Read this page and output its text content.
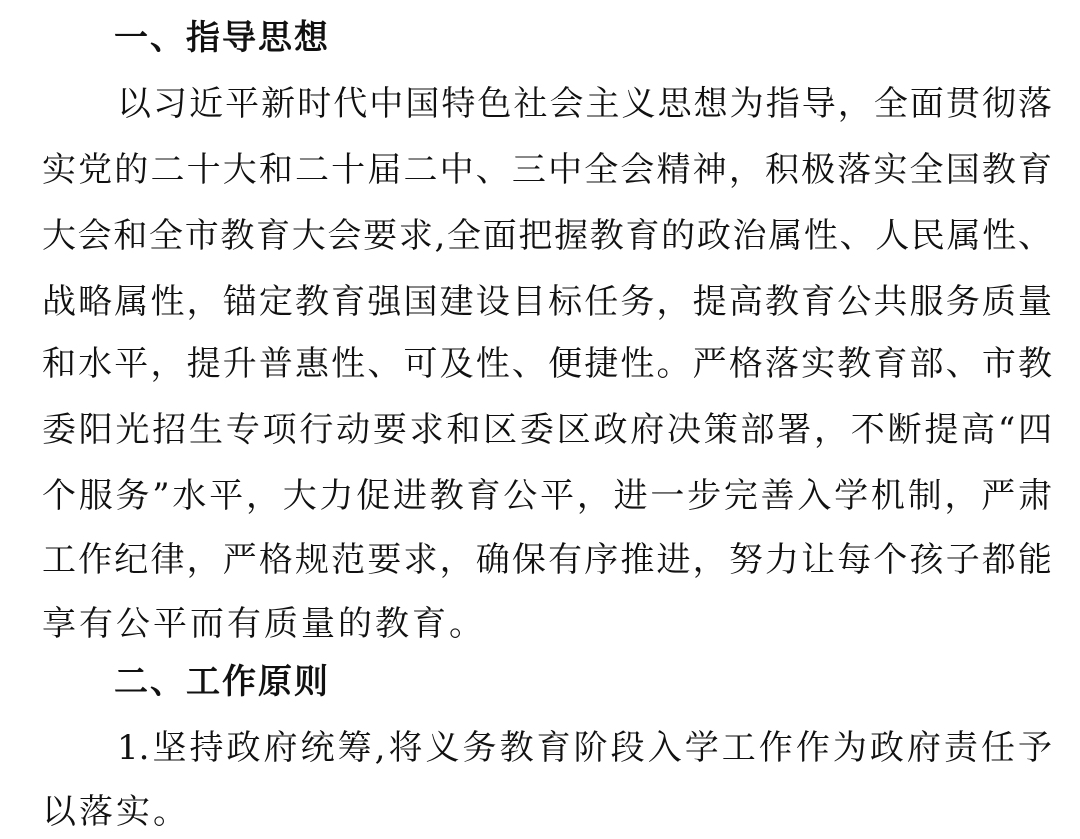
一、指导思想

以习近平新时代中国特色社会主义思想为指导，全面贯彻落

实党的二十大和二十届二中、三中全会精神，积极落实全国教育

大会和全市教育大会要求,全面把握教育的政治属性、人民属性、

战略属性，锚定教育强国建设目标任务，提高教育公共服务质量

和水平，提升普惠性、可及性、便捷性。严格落实教育部、市教

委阳光招生专项行动要求和区委区政府决策部署，不断提高“四

个服务”水平，大力促进教育公平，进一步完善入学机制，严肃

工作纪律，严格规范要求，确保有序推进，努力让每个孩子都能

享有公平而有质量的教育。

二、工作原则

1.坚持政府统筹,将义务教育阶段入学工作作为政府责任予

以落实。
